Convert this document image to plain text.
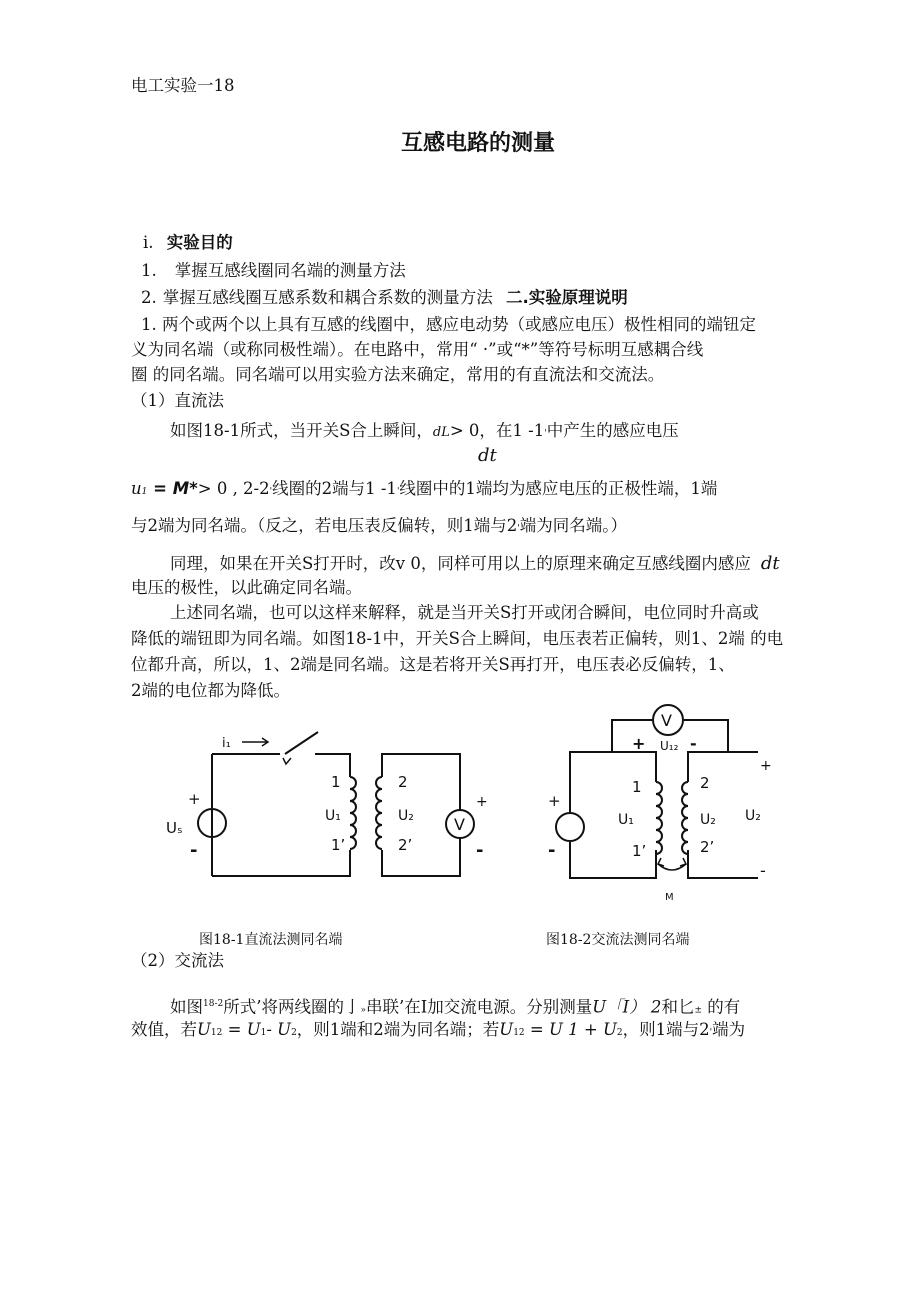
电工实验一18
互感电路的测量
i. 实验目的
1. 掌握互感线圈同名端的测量方法
2. 掌握互感线圈互感系数和耦合系数的测量方法 二.实验原理说明
1. 两个或两个以上具有互感的线圈中，感应电动势（或感应电压）极性相同的端钮定
义为同名端（或称同极性端）。在电路中，常用“ ·”或“*”等符号标明互感耦合线
圈 的同名端。同名端可以用实验方法来确定，常用的有直流法和交流法。
（1）直流法
如图18-1所式，当开关S合上瞬间，dL> 0，在1 -1'中产生的感应电压
dt
u1 = M*> 0 , 2-2'线圈的2端与1 -1'线圈中的1端均为感应电压的正极性端，1端
与2端为同名端。（反之，若电压表反偏转，则1端与2'端为同名端。）
同理，如果在开关S打开时，改v 0，同样可用以上的原理来确定互感线圈内感应 dt
电压的极性，以此确定同名端。
上述同名端，也可以这样来解释，就是当开关S打开或闭合瞬间，电位同时升高或
降低的端钮即为同名端。如图18-1中，开关S合上瞬间，电压表若正偏转，则1、2端 的电
位都升高，所以，1、2端是同名端。这是若将开关S再打开，电压表必反偏转，1、
2端的电位都为降低。
i₁
+
Uₛ
-
1
U₁
1’
2
U₂
2’
V
+
-
图18-1直流法测同名端
V
+ U₁₂ -
+
-
1
U₁
1’
2
U₂
2’
U₂
+
-
M
图18-2交流法测同名端
（2）交流法
如图$^{18-2}$所式’将两线圈的亅»串联’在I加交流电源。分别测量U「I） 2和匕± 的有
效值，若U12 = U1- U2，则1端和2端为同名端；若U12 = U 1 + U2，则1端与2'端为
